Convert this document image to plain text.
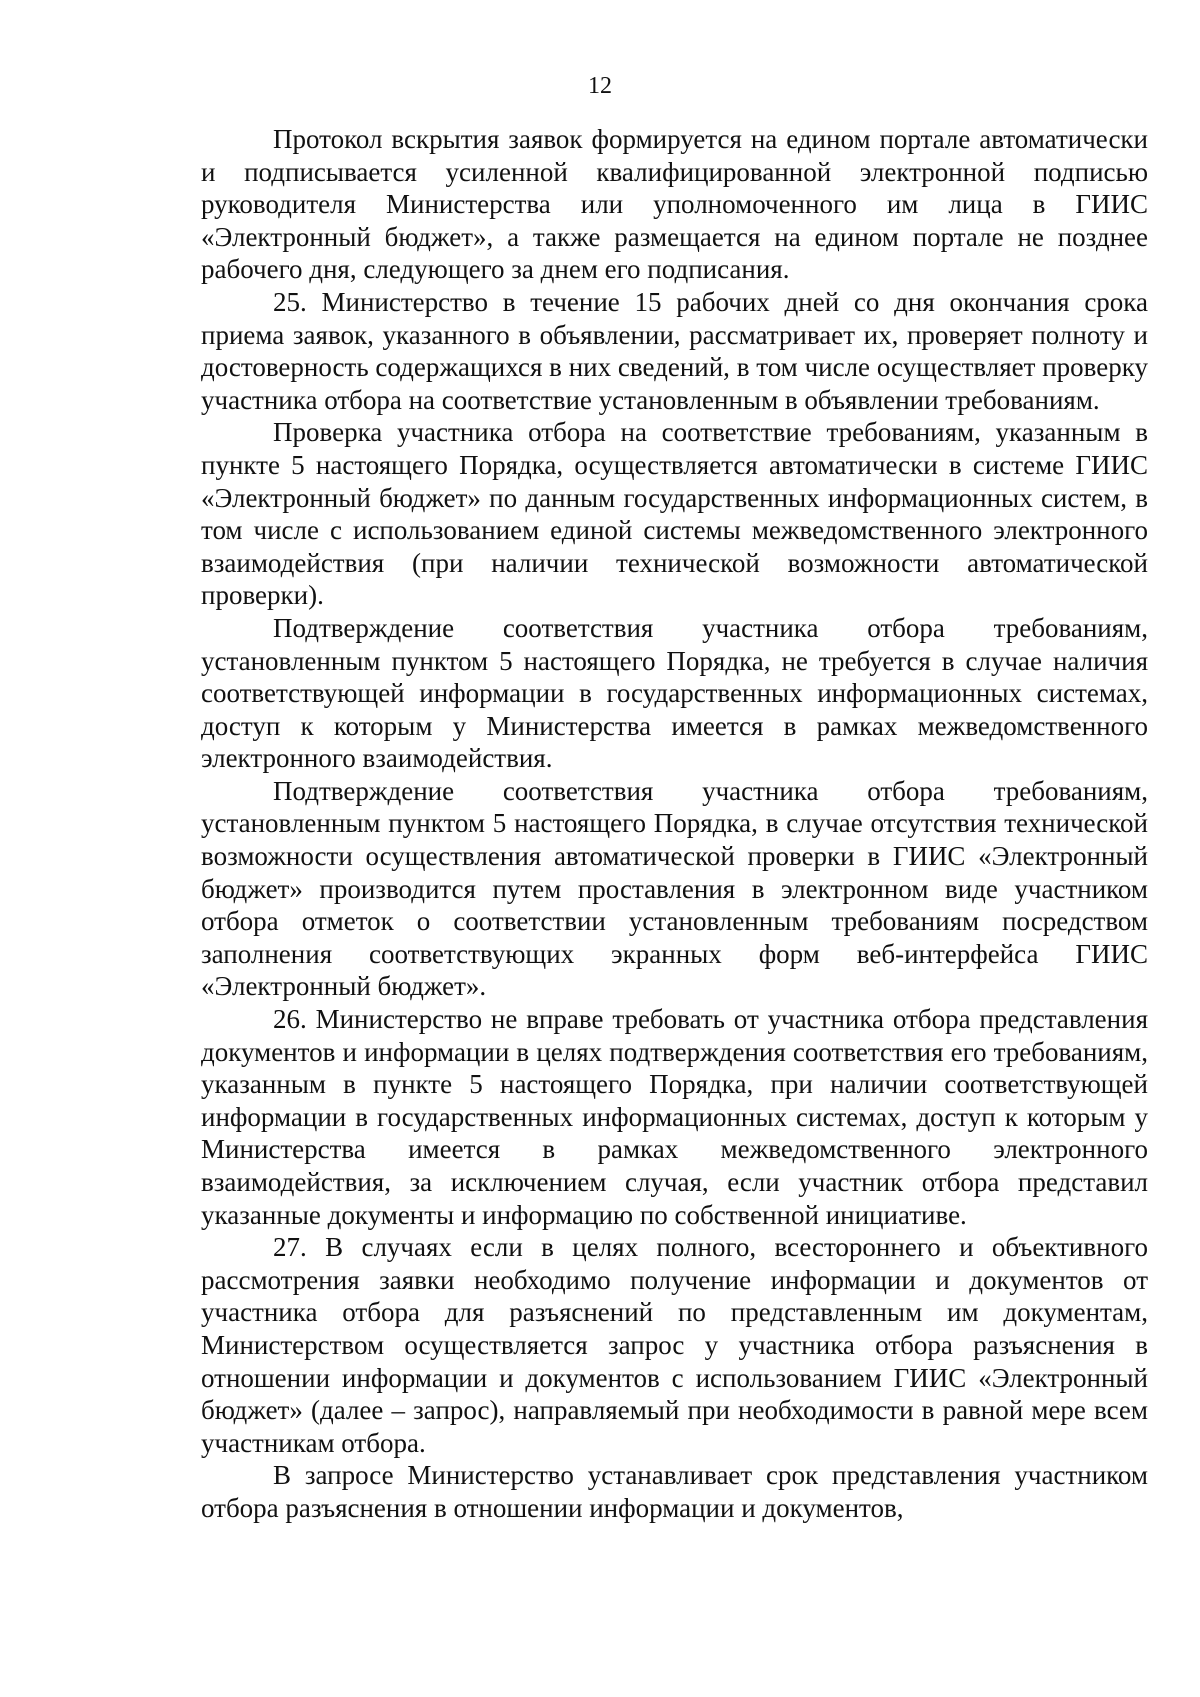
12

Протокол вскрытия заявок формируется на едином портале автоматически и подписывается усиленной квалифицированной электронной подписью руководителя Министерства или уполномоченного им лица в ГИИС «Электронный бюджет», а также размещается на едином портале не позднее рабочего дня, следующего за днем его подписания.

25. Министерство в течение 15 рабочих дней со дня окончания срока приема заявок, указанного в объявлении, рассматривает их, проверяет полноту и достоверность содержащихся в них сведений, в том числе осуществляет проверку участника отбора на соответствие установленным в объявлении требованиям.

Проверка участника отбора на соответствие требованиям, указанным в пункте 5 настоящего Порядка, осуществляется автоматически в системе ГИИС «Электронный бюджет» по данным государственных информационных систем, в том числе с использованием единой системы межведомственного электронного взаимодействия (при наличии технической возможности автоматической проверки).

Подтверждение соответствия участника отбора требованиям, установленным пунктом 5 настоящего Порядка, не требуется в случае наличия соответствующей информации в государственных информационных системах, доступ к которым у Министерства имеется в рамках межведомственного электронного взаимодействия.

Подтверждение соответствия участника отбора требованиям, установленным пунктом 5 настоящего Порядка, в случае отсутствия технической возможности осуществления автоматической проверки в ГИИС «Электронный бюджет» производится путем проставления в электронном виде участником отбора отметок о соответствии установленным требованиям посредством заполнения соответствующих экранных форм веб-интерфейса ГИИС «Электронный бюджет».

26. Министерство не вправе требовать от участника отбора представления документов и информации в целях подтверждения соответствия его требованиям, указанным в пункте 5 настоящего Порядка, при наличии соответствующей информации в государственных информационных системах, доступ к которым у Министерства имеется в рамках межведомственного электронного взаимодействия, за исключением случая, если участник отбора представил указанные документы и информацию по собственной инициативе.

27. В случаях если в целях полного, всестороннего и объективного рассмотрения заявки необходимо получение информации и документов от участника отбора для разъяснений по представленным им документам, Министерством осуществляется запрос у участника отбора разъяснения в отношении информации и документов с использованием ГИИС «Электронный бюджет» (далее – запрос), направляемый при необходимости в равной мере всем участникам отбора.

В запросе Министерство устанавливает срок представления участником отбора разъяснения в отношении информации и документов,
